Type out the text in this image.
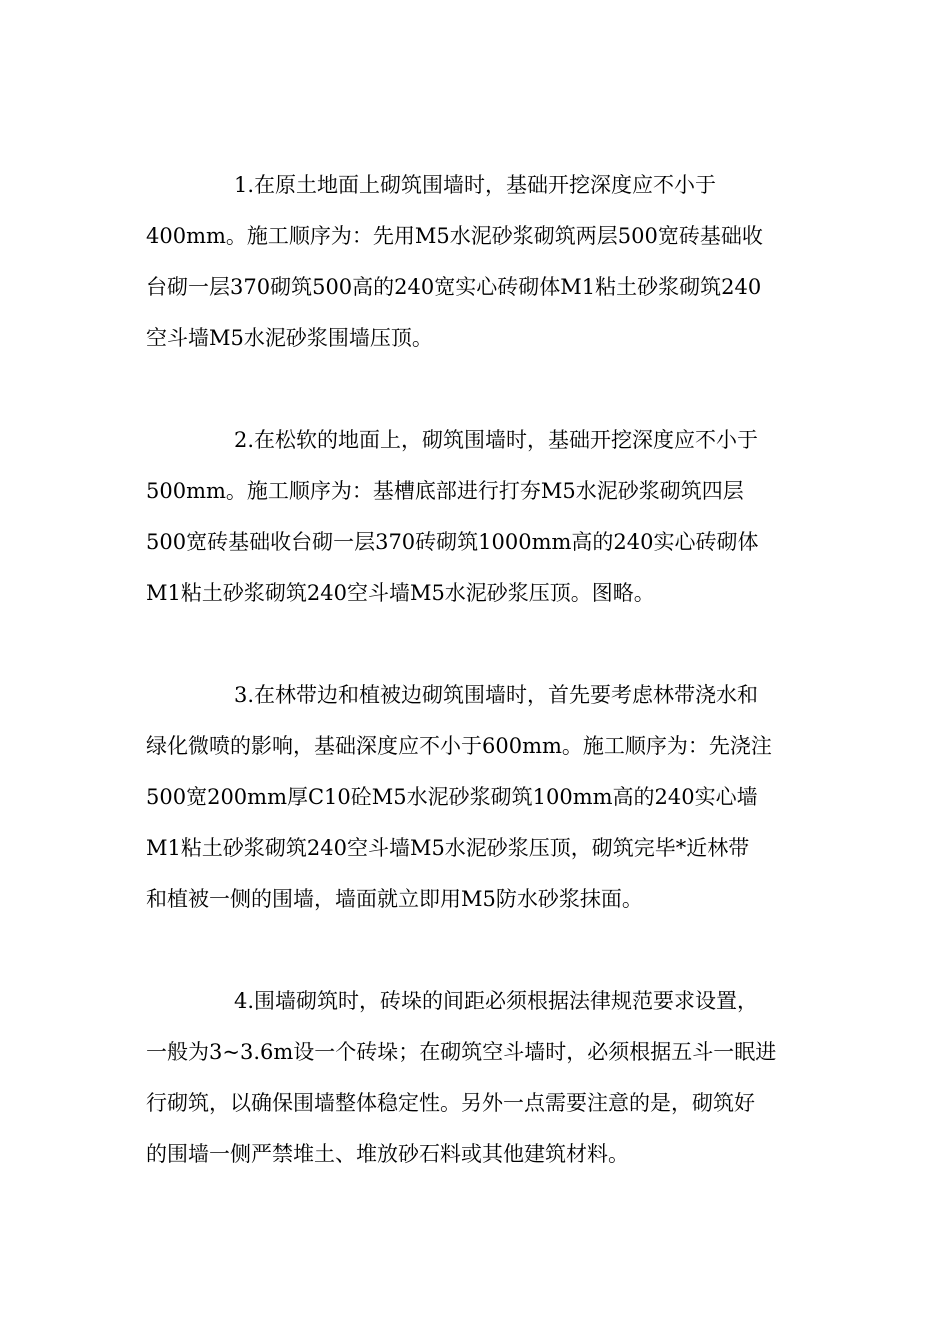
1.在原土地面上砌筑围墙时，基础开挖深度应不小于
400mm。施工顺序为：先用M5水泥砂浆砌筑两层500宽砖基础收
台砌一层370砌筑500高的240宽实心砖砌体M1粘土砂浆砌筑240
空斗墙M5水泥砂浆围墙压顶。

2.在松软的地面上，砌筑围墙时，基础开挖深度应不小于
500mm。施工顺序为：基槽底部进行打夯M5水泥砂浆砌筑四层
500宽砖基础收台砌一层370砖砌筑1000mm高的240实心砖砌体
M1粘土砂浆砌筑240空斗墙M5水泥砂浆压顶。图略。

3.在林带边和植被边砌筑围墙时，首先要考虑林带浇水和
绿化微喷的影响，基础深度应不小于600mm。施工顺序为：先浇注
500宽200mm厚C10砼M5水泥砂浆砌筑100mm高的240实心墙
M1粘土砂浆砌筑240空斗墙M5水泥砂浆压顶，砌筑完毕*近林带
和植被一侧的围墙，墙面就立即用M5防水砂浆抹面。

4.围墙砌筑时，砖垛的间距必须根据法律规范要求设置，
一般为3~3.6m设一个砖垛；在砌筑空斗墙时，必须根据五斗一眠进
行砌筑，以确保围墙整体稳定性。另外一点需要注意的是，砌筑好
的围墙一侧严禁堆土、堆放砂石料或其他建筑材料。
